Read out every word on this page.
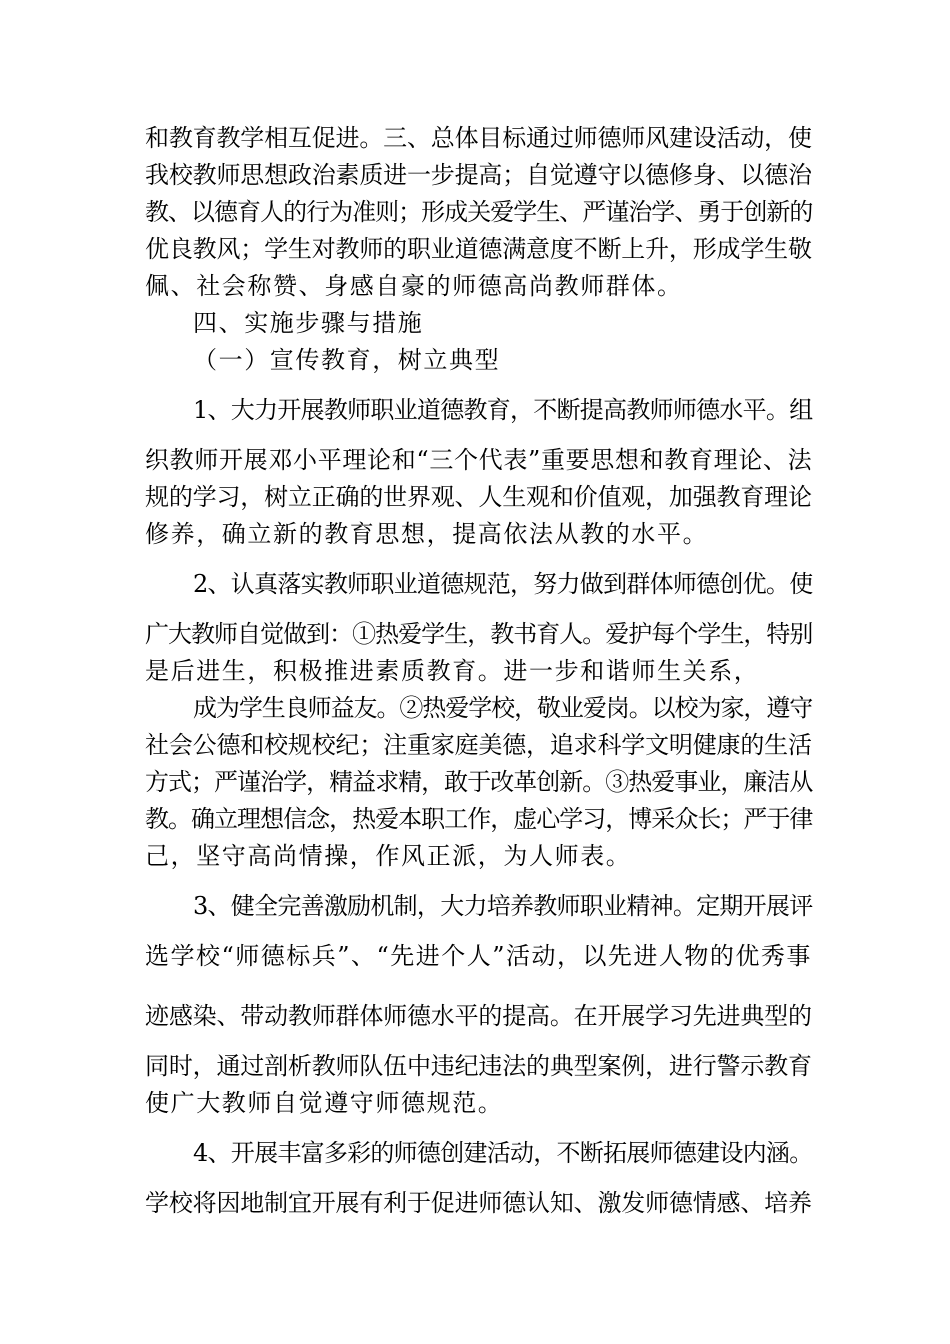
和教育教学相互促进。三、总体目标通过师德师风建设活动，使
我校教师思想政治素质进一步提高；自觉遵守以德修身、以德治
教、以德育人的行为准则；形成关爱学生、严谨治学、勇于创新的
优良教风；学生对教师的职业道德满意度不断上升，形成学生敬
佩、社会称赞、身感自豪的师德高尚教师群体。
四、实施步骤与措施
（一）宣传教育，树立典型
1、大力开展教师职业道德教育，不断提高教师师德水平。组
织教师开展邓小平理论和“三个代表”重要思想和教育理论、法
规的学习，树立正确的世界观、人生观和价值观，加强教育理论
修养，确立新的教育思想，提高依法从教的水平。
2、认真落实教师职业道德规范，努力做到群体师德创优。使
广大教师自觉做到：①热爱学生，教书育人。爱护每个学生，特别
是后进生，积极推进素质教育。进一步和谐师生关系，
成为学生良师益友。②热爱学校，敬业爱岗。以校为家，遵守
社会公德和校规校纪；注重家庭美德，追求科学文明健康的生活
方式；严谨治学，精益求精，敢于改革创新。③热爱事业，廉洁从
教。确立理想信念，热爱本职工作，虚心学习，博采众长；严于律
己，坚守高尚情操，作风正派，为人师表。
3、健全完善激励机制，大力培养教师职业精神。定期开展评
选学校“师德标兵”、“先进个人”活动，以先进人物的优秀事
迹感染、带动教师群体师德水平的提高。在开展学习先进典型的
同时，通过剖析教师队伍中违纪违法的典型案例，进行警示教育
使广大教师自觉遵守师德规范。
4、开展丰富多彩的师德创建活动，不断拓展师德建设内涵。
学校将因地制宜开展有利于促进师德认知、激发师德情感、培养
